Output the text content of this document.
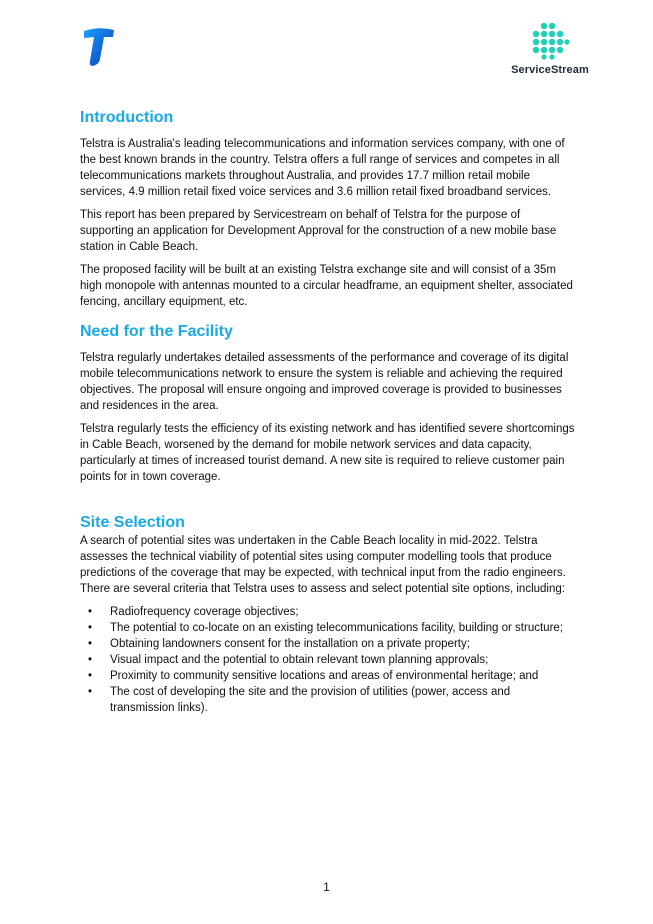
ServiceStream
Introduction

Telstra is Australia's leading telecommunications and information services company, with one of the best known brands in the country. Telstra offers a full range of services and competes in all telecommunications markets throughout Australia, and provides 17.7 million retail mobile services, 4.9 million retail fixed voice services and 3.6 million retail fixed broadband services.

This report has been prepared by Servicestream on behalf of Telstra for the purpose of supporting an application for Development Approval for the construction of a new mobile base station in Cable Beach.

The proposed facility will be built at an existing Telstra exchange site and will consist of a 35m high monopole with antennas mounted to a circular headframe, an equipment shelter, associated fencing, ancillary equipment, etc.

Need for the Facility

Telstra regularly undertakes detailed assessments of the performance and coverage of its digital mobile telecommunications network to ensure the system is reliable and achieving the required objectives. The proposal will ensure ongoing and improved coverage is provided to businesses and residences in the area.

Telstra regularly tests the efficiency of its existing network and has identified severe shortcomings in Cable Beach, worsened by the demand for mobile network services and data capacity, particularly at times of increased tourist demand. A new site is required to relieve customer pain points for in town coverage.

Site Selection

A search of potential sites was undertaken in the Cable Beach locality in mid-2022. Telstra assesses the technical viability of potential sites using computer modelling tools that produce predictions of the coverage that may be expected, with technical input from the radio engineers. There are several criteria that Telstra uses to assess and select potential site options, including:

• Radiofrequency coverage objectives;
• The potential to co-locate on an existing telecommunications facility, building or structure;
• Obtaining landowners consent for the installation on a private property;
• Visual impact and the potential to obtain relevant town planning approvals;
• Proximity to community sensitive locations and areas of environmental heritage; and
• The cost of developing the site and the provision of utilities (power, access and transmission links).
1
